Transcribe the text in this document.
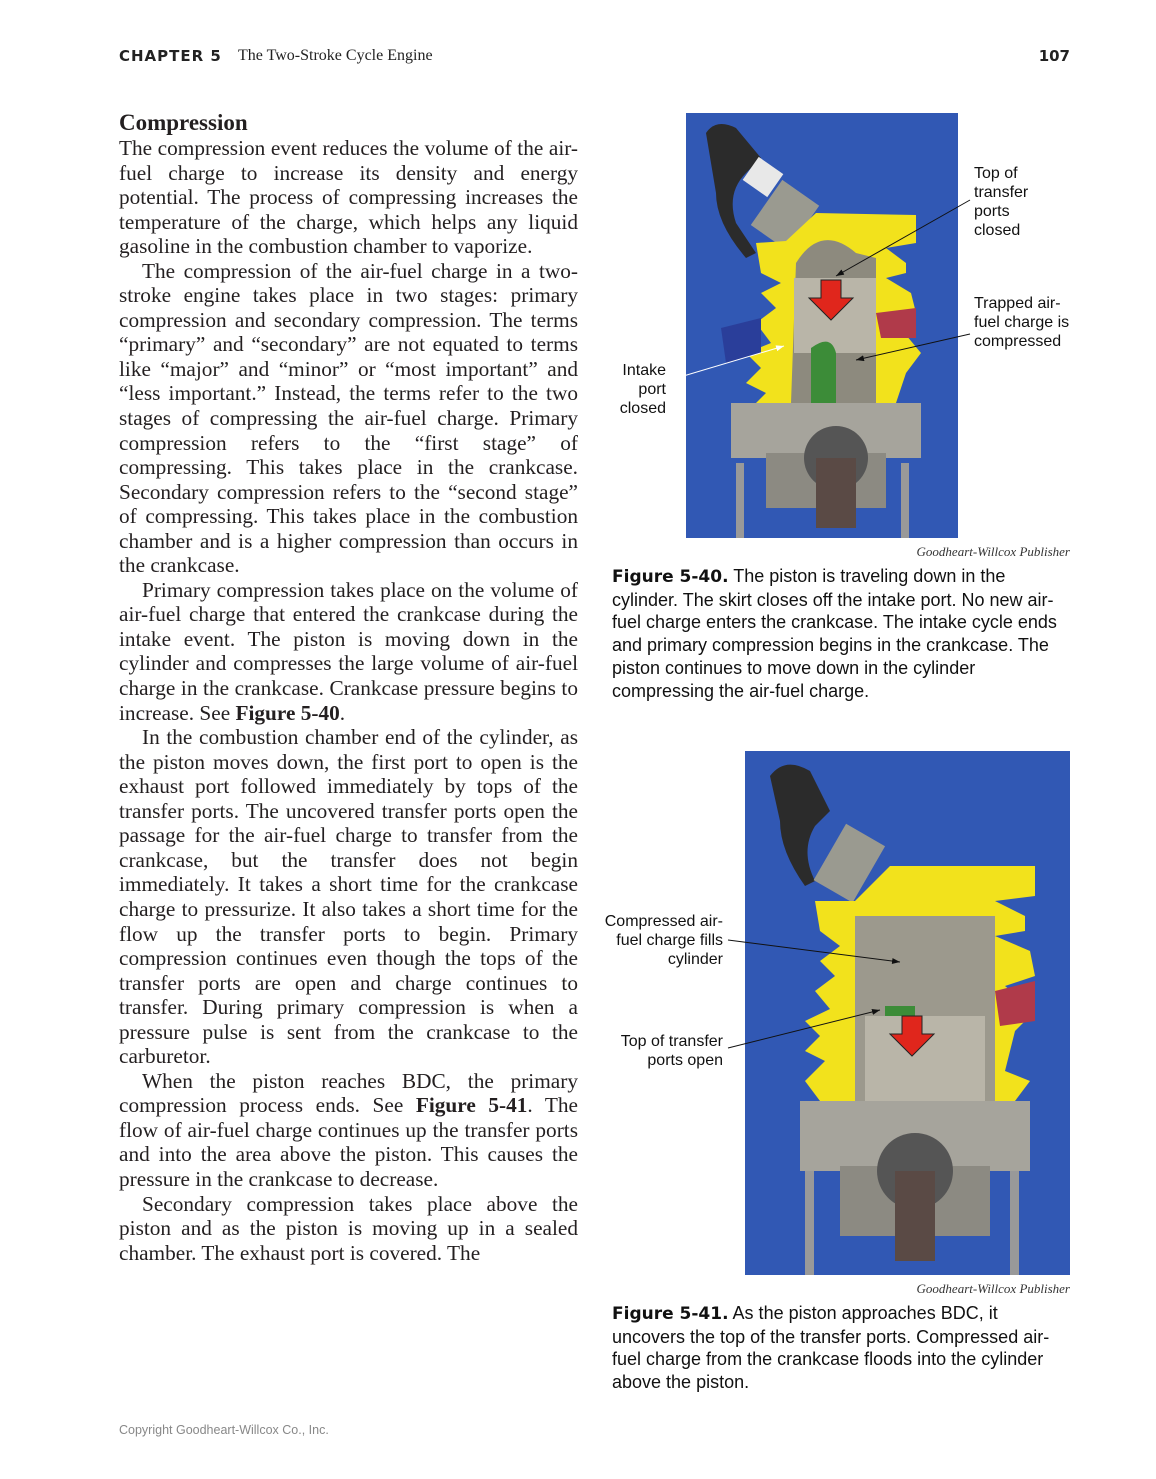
CHAPTER 5 The Two-Stroke Cycle Engine	107
Compression

The compression event reduces the volume of the air-fuel charge to increase its density and energy potential. The process of compressing increases the temperature of the charge, which helps any liquid gasoline in the combustion chamber to vaporize.

The compression of the air-fuel charge in a two-stroke engine takes place in two stages: primary compression and secondary compression. The terms “primary” and “secondary” are not equated to terms like “major” and “minor” or “most important” and “less important.” Instead, the terms refer to the two stages of compressing the air-fuel charge. Primary compression refers to the “first stage” of compressing. This takes place in the crankcase. Secondary compression refers to the “second stage” of compressing. This takes place in the combustion chamber and is a higher compression than occurs in the crankcase.

Primary compression takes place on the volume of air-fuel charge that entered the crankcase during the intake event. The piston is moving down in the cylinder and compresses the large volume of air-fuel charge in the crankcase. Crankcase pressure begins to increase. See Figure 5-40.

In the combustion chamber end of the cylinder, as the piston moves down, the first port to open is the exhaust port followed immediately by tops of the transfer ports. The uncovered transfer ports open the passage for the air-fuel charge to transfer from the crankcase, but the transfer does not begin immediately. It takes a short time for the crankcase charge to pressurize. It also takes a short time for the flow up the transfer ports to begin. Primary compression continues even though the tops of the transfer ports are open and charge continues to transfer. During primary compression is when a pressure pulse is sent from the crankcase to the carburetor.

When the piston reaches BDC, the primary compression process ends. See Figure 5-41. The flow of air-fuel charge continues up the transfer ports and into the area above the piston. This causes the pressure in the crankcase to decrease.

Secondary compression takes place above the piston and as the piston is moving up in a sealed chamber. The exhaust port is covered. The

Top of transfer ports closed
Trapped air-fuel charge is compressed
Intake port closed
Goodheart-Willcox Publisher
Figure 5-40. The piston is traveling down in the cylinder. The skirt closes off the intake port. No new air-fuel charge enters the crankcase. The intake cycle ends and primary compression begins in the crankcase. The piston continues to move down in the cylinder compressing the air-fuel charge.
Compressed air-fuel charge fills cylinder
Top of transfer ports open
Goodheart-Willcox Publisher
Figure 5-41. As the piston approaches BDC, it uncovers the top of the transfer ports. Compressed air-fuel charge from the crankcase floods into the cylinder above the piston.
Copyright Goodheart-Willcox Co., Inc.
